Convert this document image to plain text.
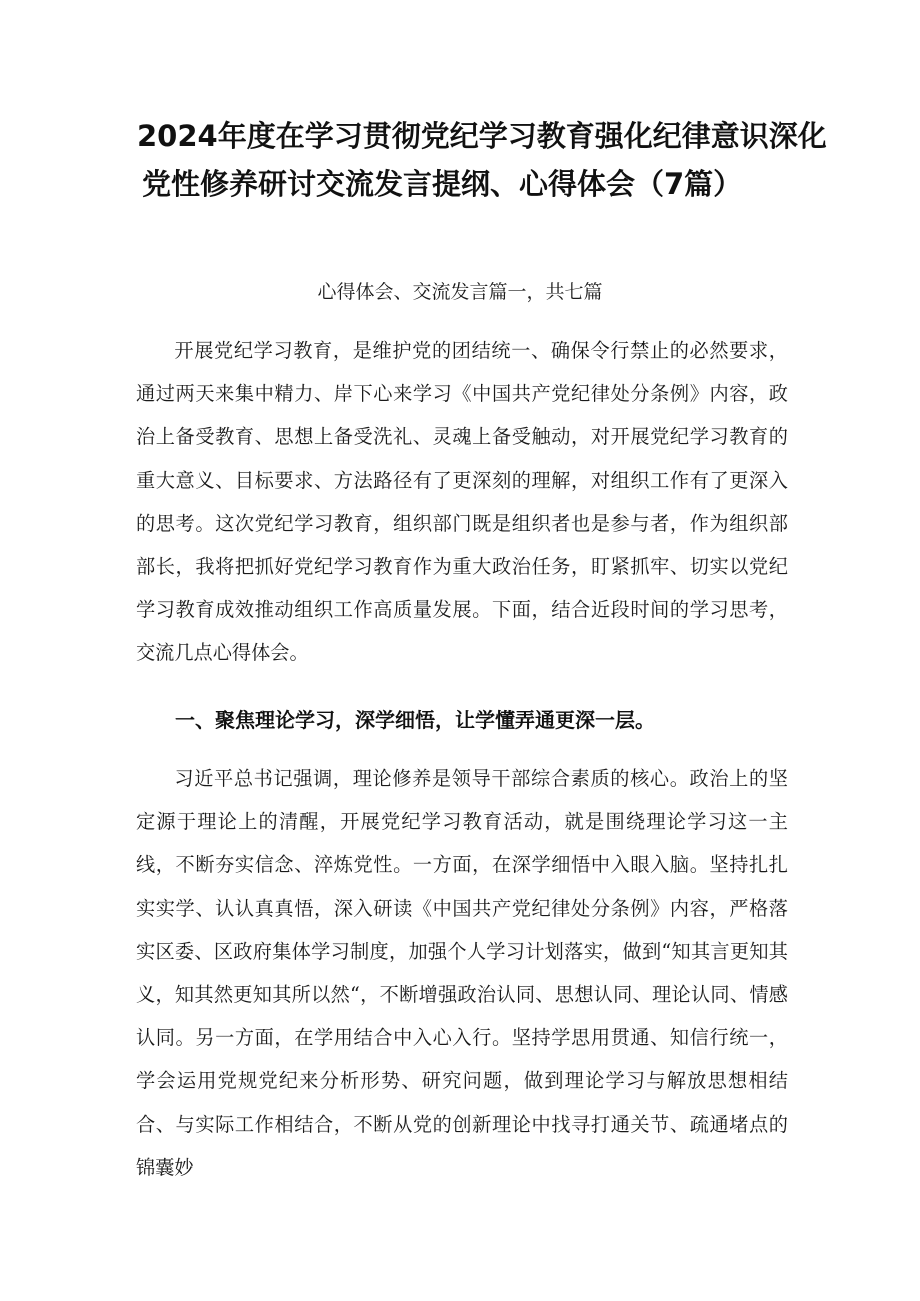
2024年度在学习贯彻党纪学习教育强化纪律意识深化
党性修养研讨交流发言提纲、心得体会（7篇）
心得体会、交流发言篇一，共七篇

开展党纪学习教育，是维护党的团结统一、确保令行禁止的必然要求，通过两天来集中精力、岸下心来学习《中国共产党纪律处分条例》内容，政治上备受教育、思想上备受洗礼、灵魂上备受触动，对开展党纪学习教育的重大意义、目标要求、方法路径有了更深刻的理解，对组织工作有了更深入的思考。这次党纪学习教育，组织部门既是组织者也是参与者，作为组织部部长，我将把抓好党纪学习教育作为重大政治任务，盯紧抓牢、切实以党纪学习教育成效推动组织工作高质量发展。下面，结合近段时间的学习思考，交流几点心得体会。

一、聚焦理论学习，深学细悟，让学懂弄通更深一层。

习近平总书记强调，理论修养是领导干部综合素质的核心。政治上的坚定源于理论上的清醒，开展党纪学习教育活动，就是围绕理论学习这一主线，不断夯实信念、淬炼党性。一方面，在深学细悟中入眼入脑。坚持扎扎实实学、认认真真悟，深入研读《中国共产党纪律处分条例》内容，严格落实区委、区政府集体学习制度，加强个人学习计划落实，做到“知其言更知其义，知其然更知其所以然“，不断增强政治认同、思想认同、理论认同、情感认同。另一方面，在学用结合中入心入行。坚持学思用贯通、知信行统一，学会运用党规党纪来分析形势、研究问题，做到理论学习与解放思想相结合、与实际工作相结合，不断从党的创新理论中找寻打通关节、疏通堵点的锦囊妙
